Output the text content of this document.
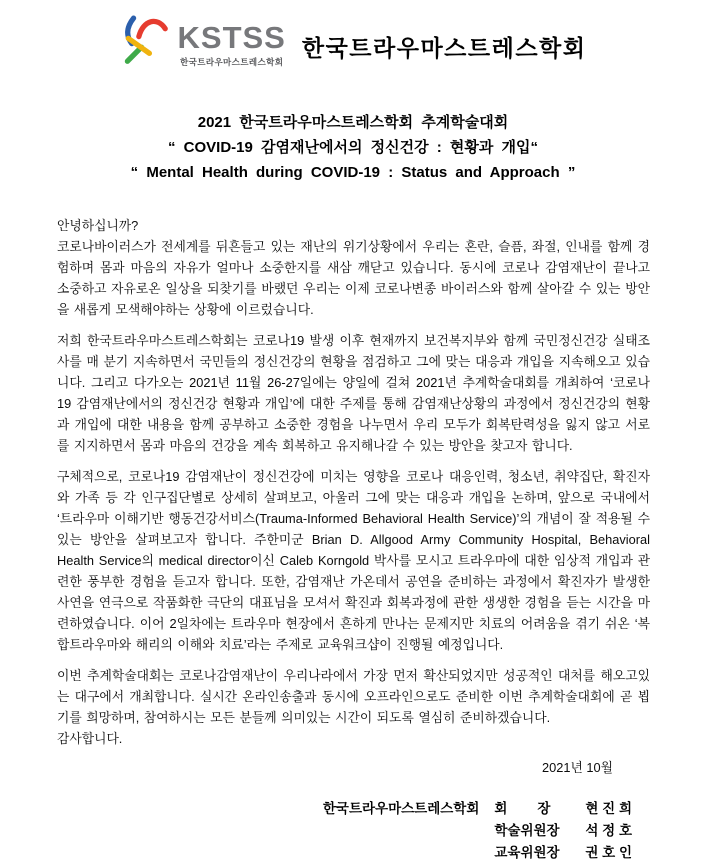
KSTSS
한국트라우마스트레스학회
한국트라우마스트레스학회
2021 한국트라우마스트레스학회 추계학술대회
“ COVID-19 감염재난에서의 정신건강 : 현황과 개입“
“ Mental Health during COVID-19 : Status and Approach ”
안녕하십니까?
코로나바이러스가 전세계를 뒤흔들고 있는 재난의 위기상황에서 우리는 혼란, 슬픔, 좌절, 인내를 함께 경험하며 몸과 마음의 자유가 얼마나 소중한지를 새삼 깨닫고 있습니다. 동시에 코로나 감염재난이 끝나고 소중하고 자유로온 일상을 되찾기를 바랬던 우리는 이제 코로나변종 바이러스와 함께 살아갈 수 있는 방안을 새롭게 모색해야하는 상황에 이르렀습니다.
저희 한국트라우마스트레스학회는 코로나19 발생 이후 현재까지 보건복지부와 함께 국민정신건강 실태조사를 매 분기 지속하면서 국민들의 정신건강의 현황을 점검하고 그에 맞는 대응과 개입을 지속해오고 있습니다. 그리고 다가오는 2021년 11월 26-27일에는 양일에 걸쳐 2021년 추계학술대회를 개최하여 ‘코로나19 감염재난에서의 정신건강 현황과 개입’에 대한 주제를 통해 감염재난상황의 과정에서 정신건강의 현황과 개입에 대한 내용을 함께 공부하고 소중한 경험을 나누면서 우리 모두가 회복탄력성을 잃지 않고 서로를 지지하면서 몸과 마음의 건강을 계속 회복하고 유지해나갈 수 있는 방안을 찾고자 합니다.
구체적으로, 코로나19 감염재난이 정신건강에 미치는 영향을 코로나 대응인력, 청소년, 취약집단, 확진자와 가족 등 각 인구집단별로 상세히 살펴보고, 아울러 그에 맞는 대응과 개입을 논하며, 앞으로 국내에서 ‘트라우마 이해기반 행동건강서비스(Trauma-Informed Behavioral Health Service)’의 개념이 잘 적용될 수 있는 방안을 살펴보고자 합니다. 주한미군 Brian D. Allgood Army Community Hospital, Behavioral Health Service의 medical director이신 Caleb Korngold 박사를 모시고 트라우마에 대한 임상적 개입과 관련한 풍부한 경험을 듣고자 합니다. 또한, 감염재난 가온데서 공연을 준비하는 과정에서 확진자가 발생한 사연을 연극으로 작품화한 극단의 대표님을 모셔서 확진과 회복과정에 관한 생생한 경험을 듣는 시간을 마련하였습니다. 이어 2일차에는 트라우마 현장에서 흔하게 만나는 문제지만 치료의 어려움을 겪기 쉬온 ‘복합트라우마와 해리의 이해와 치료’라는 주제로 교육워크샵이 진행될 예정입니다.
이번 추계학술대회는 코로나감염재난이 우리나라에서 가장 먼저 확산되었지만 성공적인 대처를 해오고있는 대구에서 개최합니다. 실시간 온라인송출과 동시에 오프라인으로도 준비한 이번 추계학술대회에 곧 뵙기를 희망하며, 참여하시는 모든 분들께 의미있는 시간이 되도록 열심히 준비하겠습니다.
감사합니다.
2021년 10월
한국트라우마스트레스학회 회        장	현 진 희
학술위원장	석 정 호
교육위원장	권 호 인
